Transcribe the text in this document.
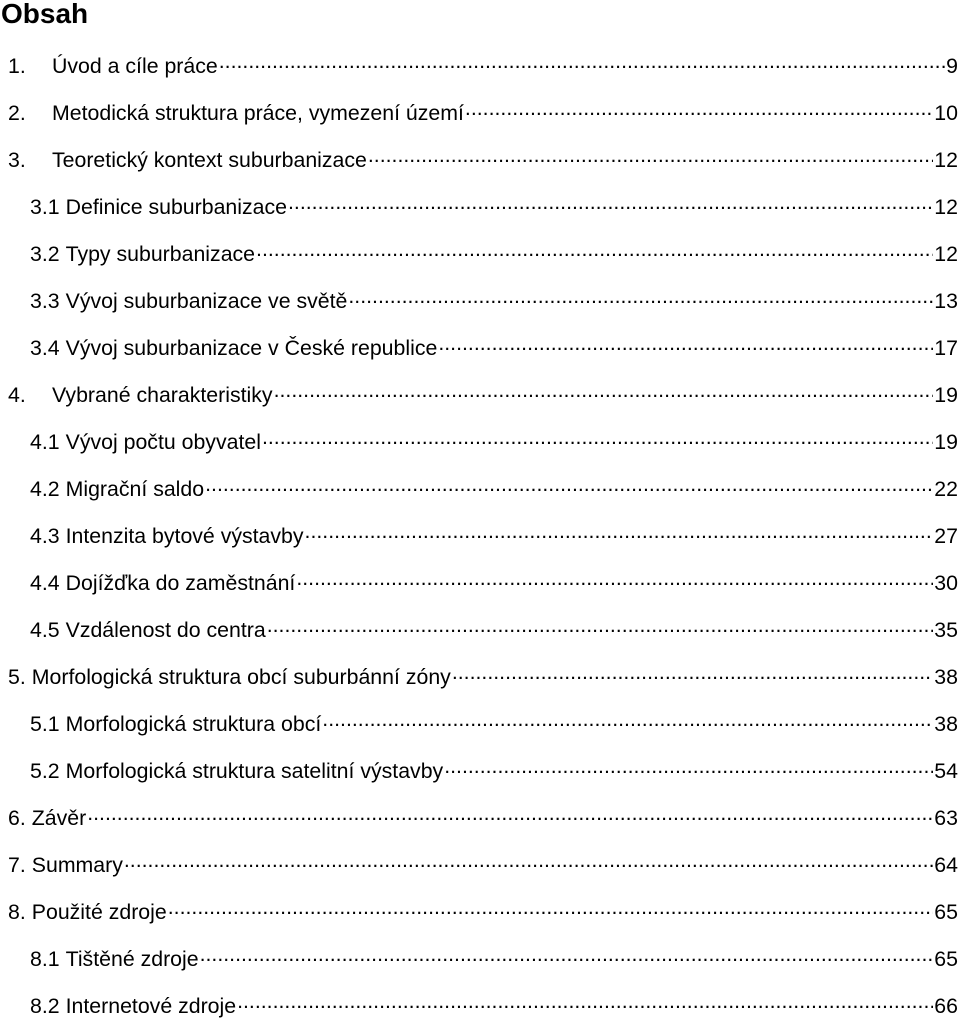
Obsah
1.	Úvod a cíle práce .....	9
2.	Metodická struktura práce, vymezení území .....	10
3.	Teoretický kontext suburbanizace .....	12
3.1 Definice suburbanizace .....	12
3.2 Typy suburbanizace .....	12
3.3 Vývoj suburbanizace ve světě .....	13
3.4 Vývoj suburbanizace v České republice .....	17
4.	Vybrané charakteristiky .....	19
4.1 Vývoj počtu obyvatel .....	19
4.2 Migrační saldo .....	22
4.3 Intenzita bytové výstavby .....	27
4.4 Dojížďka do zaměstnání .....	30
4.5 Vzdálenost do centra .....	35
5. Morfologická struktura obcí suburbánní zóny .....	38
5.1 Morfologická struktura obcí .....	38
5.2 Morfologická struktura satelitní výstavby .....	54
6. Závěr .....	63
7. Summary .....	64
8. Použité zdroje .....	65
8.1 Tištěné zdroje .....	65
8.2 Internetové zdroje .....	66
